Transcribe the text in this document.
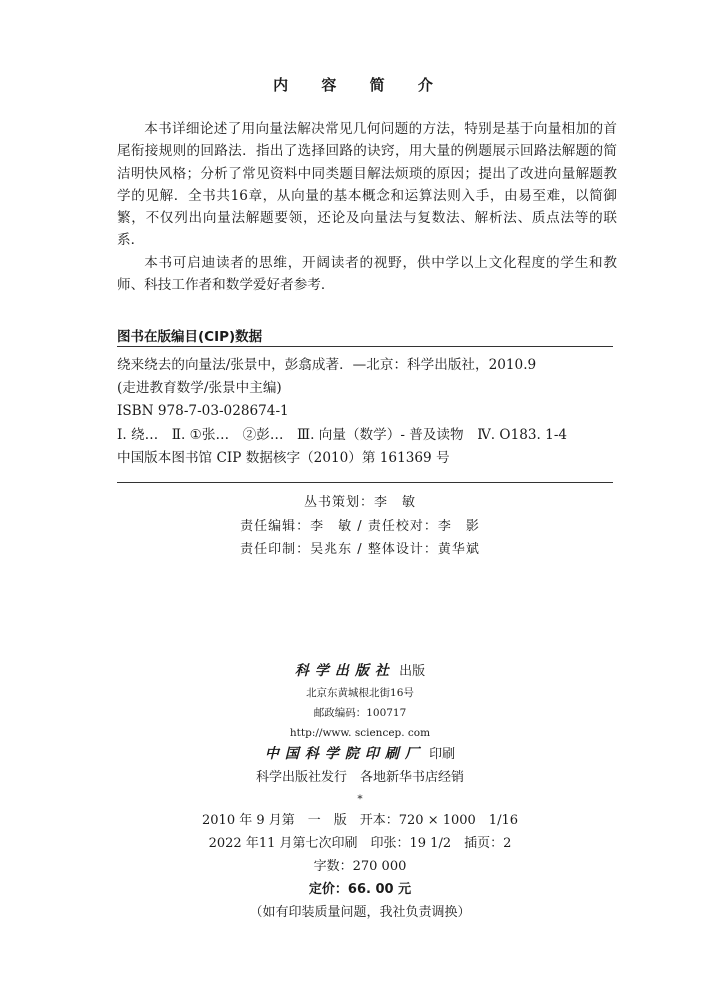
内 容 简 介

本书详细论述了用向量法解决常见几何问题的方法，特别是基于向量相加的首尾衔接规则的回路法．指出了选择回路的诀窍，用大量的例题展示回路法解题的简洁明快风格；分析了常见资料中同类题目解法烦琐的原因；提出了改进向量解题教学的见解．全书共16章，从向量的基本概念和运算法则入手，由易至难，以简御繁，不仅列出向量法解题要领，还论及向量法与复数法、解析法、质点法等的联系．

本书可启迪读者的思维，开阔读者的视野，供中学以上文化程度的学生和教师、科技工作者和数学爱好者参考．

图书在版编目(CIP)数据
绕来绕去的向量法/张景中，彭翕成著．—北京：科学出版社，2010.9
(走进教育数学/张景中主编)
ISBN 978-7-03-028674-1
Ⅰ. 绕…　Ⅱ. ①张…　②彭…　Ⅲ. 向量（数学）- 普及读物　Ⅳ. O183. 1-4
中国版本图书馆 CIP 数据核字（2010）第 161369 号
丛书策划：李　敏
责任编辑：李　敏 / 责任校对：李　影
责任印制：吴兆东 / 整体设计：黄华斌
科学出版社 出版
北京东黄城根北街16号
邮政编码：100717
http://www. sciencep. com
中国科学院印刷厂 印刷
科学出版社发行　各地新华书店经销
*
2010 年 9 月第　一　版　开本：720 × 1000　1/16
2022 年11 月第七次印刷　印张：19 1/2　插页：2
字数：270 000
定价：66. 00 元
（如有印装质量问题，我社负责调换）
